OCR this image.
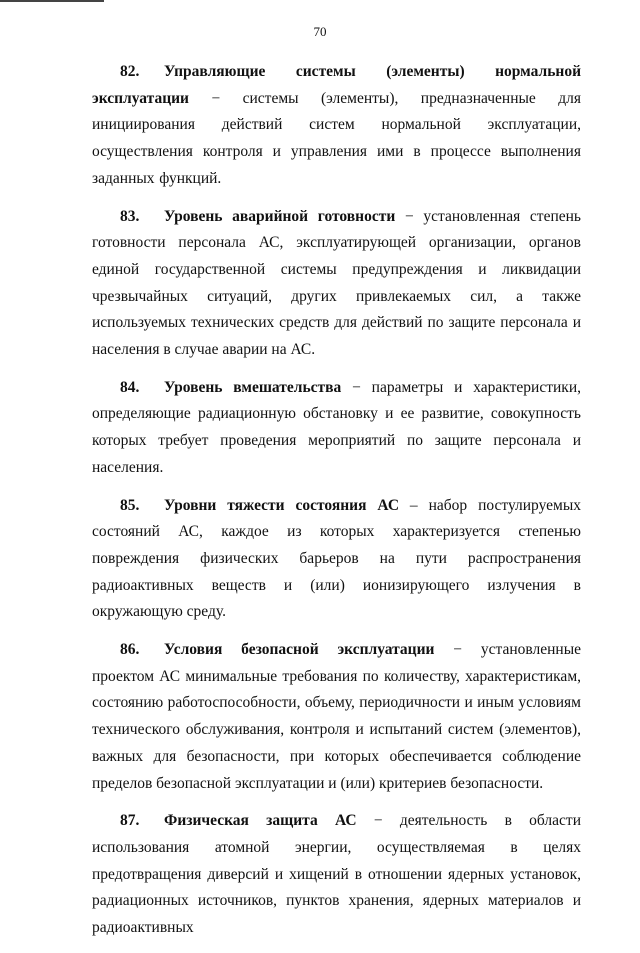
70

82. Управляющие системы (элементы) нормальной эксплуатации − системы (элементы), предназначенные для инициирования действий систем нормальной эксплуатации, осуществления контроля и управления ими в процессе выполнения заданных функций.

83. Уровень аварийной готовности − установленная степень готовности персонала АС, эксплуатирующей организации, органов единой государственной системы предупреждения и ликвидации чрезвычайных ситуаций, других привлекаемых сил, а также используемых технических средств для действий по защите персонала и населения в случае аварии на АС.

84. Уровень вмешательства − параметры и характеристики, определяющие радиационную обстановку и ее развитие, совокупность которых требует проведения мероприятий по защите персонала и населения.

85. Уровни тяжести состояния АС – набор постулируемых состояний АС, каждое из которых характеризуется степенью повреждения физических барьеров на пути распространения радиоактивных веществ и (или) ионизирующего излучения в окружающую среду.

86. Условия безопасной эксплуатации − установленные проектом АС минимальные требования по количеству, характеристикам, состоянию работоспособности, объему, периодичности и иным условиям технического обслуживания, контроля и испытаний систем (элементов), важных для безопасности, при которых обеспечивается соблюдение пределов безопасной эксплуатации и (или) критериев безопасности.

87. Физическая защита АС − деятельность в области использования атомной энергии, осуществляемая в целях предотвращения диверсий и хищений в отношении ядерных установок, радиационных источников, пунктов хранения, ядерных материалов и радиоактивных
